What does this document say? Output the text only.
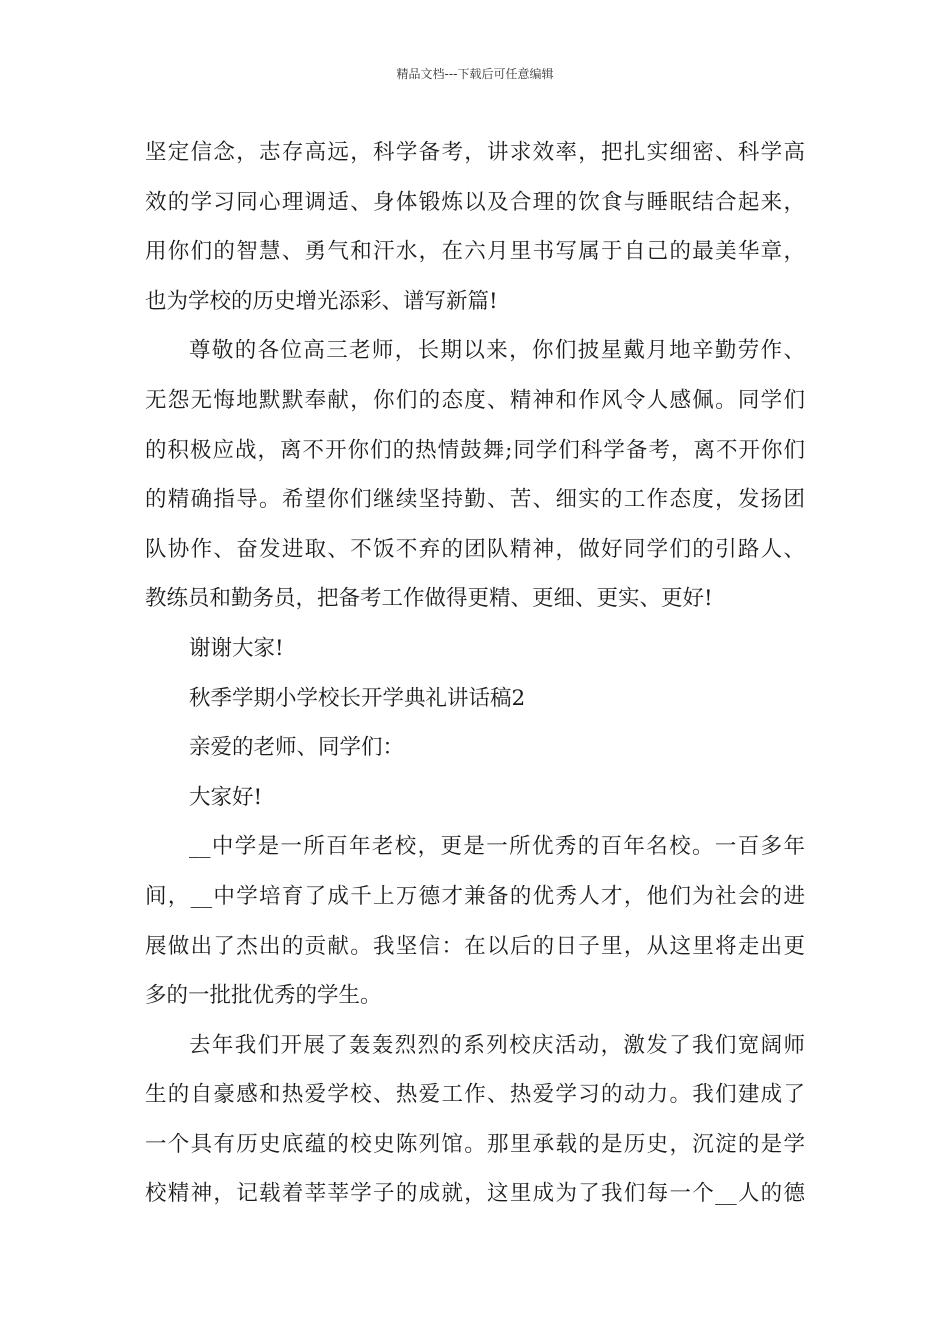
精品文档---下载后可任意编辑
坚定信念，志存高远，科学备考，讲求效率，把扎实细密、科学高
效的学习同心理调适、身体锻炼以及合理的饮食与睡眠结合起来，
用你们的智慧、勇气和汗水，在六月里书写属于自己的最美华章，
也为学校的历史增光添彩、谱写新篇!
尊敬的各位高三老师，长期以来，你们披星戴月地辛勤劳作、
无怨无悔地默默奉献，你们的态度、精神和作风令人感佩。同学们
的积极应战，离不开你们的热情鼓舞;同学们科学备考，离不开你们
的精确指导。希望你们继续坚持勤、苦、细实的工作态度，发扬团
队协作、奋发进取、不饭不弃的团队精神，做好同学们的引路人、
教练员和勤务员，把备考工作做得更精、更细、更实、更好!
谢谢大家!
秋季学期小学校长开学典礼讲话稿2
亲爱的老师、同学们：
大家好!
__中学是一所百年老校，更是一所优秀的百年名校。一百多年
间，__中学培育了成千上万德才兼备的优秀人才，他们为社会的进
展做出了杰出的贡献。我坚信：在以后的日子里，从这里将走出更
多的一批批优秀的学生。
去年我们开展了轰轰烈烈的系列校庆活动，激发了我们宽阔师
生的自豪感和热爱学校、热爱工作、热爱学习的动力。我们建成了
一个具有历史底蕴的校史陈列馆。那里承载的是历史，沉淀的是学
校精神，记载着莘莘学子的成就，这里成为了我们每一个__人的德
